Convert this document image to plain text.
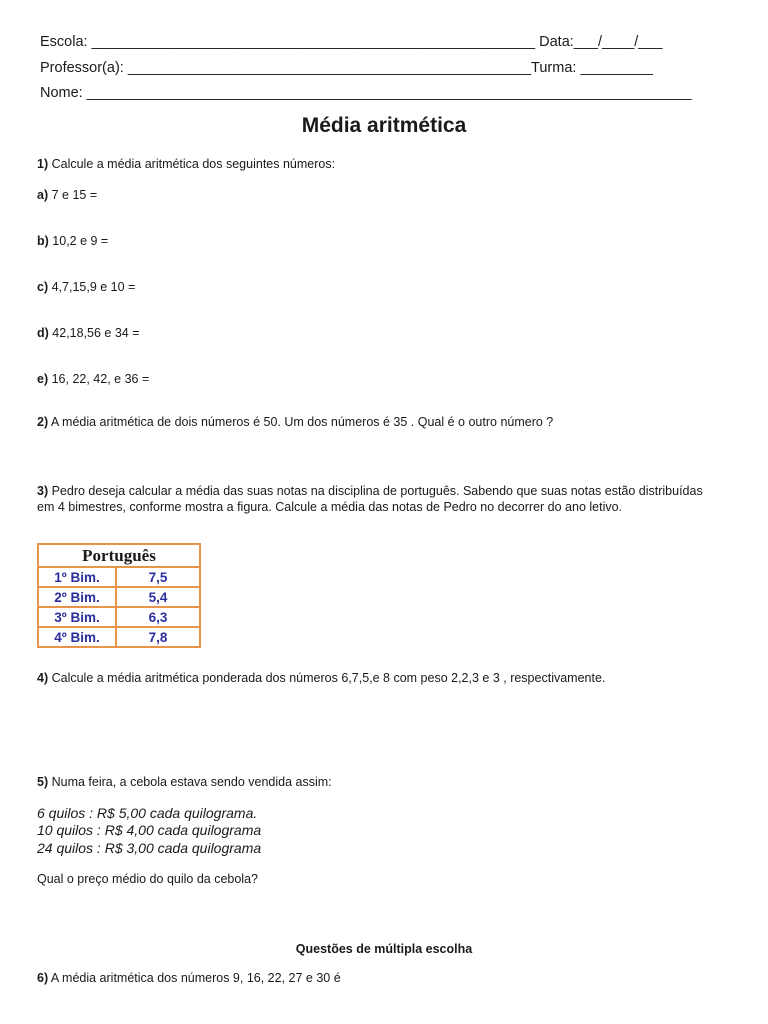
Escola: _______________________________________________________ Data:___/____/___
Professor(a): __________________________________________________Turma: _________
Nome: ___________________________________________________________________________
Média aritmética
1) Calcule a média aritmética dos seguintes números:
a) 7 e 15 =
b) 10,2 e 9 =
c) 4,7,15,9 e 10 =
d) 42,18,56 e 34 =
e) 16, 22, 42, e 36 =
2) A média aritmética de dois números é 50. Um dos números é 35 . Qual é o outro número ?
3) Pedro deseja calcular a média das suas notas na disciplina de português. Sabendo que suas notas estão distribuídas em 4 bimestres, conforme mostra a figura. Calcule a média das notas de Pedro no decorrer do ano letivo.
Português	
1º Bim.	7,5
2º Bim.	5,4
3º Bim.	6,3
4º Bim.	7,8
4) Calcule a média aritmética ponderada dos números 6,7,5,e 8 com peso 2,2,3 e 3 , respectivamente.
5) Numa feira, a cebola estava sendo vendida assim:
6 quilos : R$ 5,00 cada quilograma.
10 quilos : R$ 4,00 cada quilograma
24 quilos : R$ 3,00 cada quilograma
Qual o preço médio do quilo da cebola?
Questões de múltipla escolha
6) A média aritmética dos números 9, 16, 22, 27 e 30 é
